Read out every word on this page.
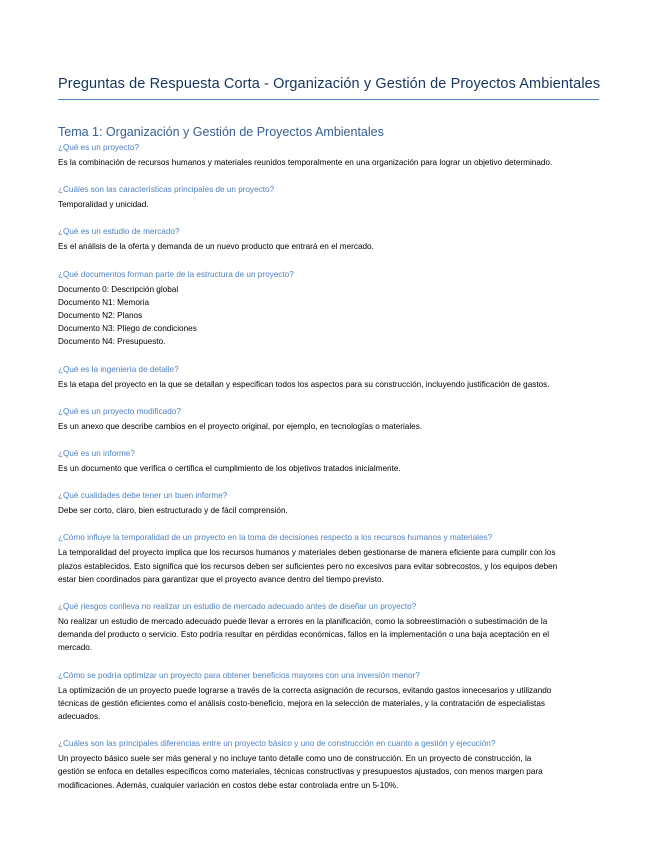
Preguntas de Respuesta Corta - Organización y Gestión de Proyectos Ambientales
Tema 1: Organización y Gestión de Proyectos Ambientales
¿Qué es un proyecto?

Es la combinación de recursos humanos y materiales reunidos temporalmente en una organización para lograr un objetivo determinado.

¿Cuáles son las características principales de un proyecto?

Temporalidad y unicidad.

¿Qué es un estudio de mercado?

Es el análisis de la oferta y demanda de un nuevo producto que entrará en el mercado.

¿Qué documentos forman parte de la estructura de un proyecto?

Documento 0: Descripción global

Documento N1: Memoria

Documento N2: Planos

Documento N3: Pliego de condiciones

Documento N4: Presupuesto.

¿Qué es la ingeniería de detalle?

Es la etapa del proyecto en la que se detallan y especifican todos los aspectos para su construcción, incluyendo justificación de gastos.

¿Qué es un proyecto modificado?

Es un anexo que describe cambios en el proyecto original, por ejemplo, en tecnologías o materiales.

¿Qué es un informe?

Es un documento que verifica o certifica el cumplimiento de los objetivos tratados inicialmente.

¿Qué cualidades debe tener un buen informe?

Debe ser corto, claro, bien estructurado y de fácil comprensión.

¿Cómo influye la temporalidad de un proyecto en la toma de decisiones respecto a los recursos humanos y materiales?

La temporalidad del proyecto implica que los recursos humanos y materiales deben gestionarse de manera eficiente para cumplir con los

plazos establecidos. Esto significa que los recursos deben ser suficientes pero no excesivos para evitar sobrecostos, y los equipos deben

estar bien coordinados para garantizar que el proyecto avance dentro del tiempo previsto.

¿Qué riesgos conlleva no realizar un estudio de mercado adecuado antes de diseñar un proyecto?

No realizar un estudio de mercado adecuado puede llevar a errores en la planificación, como la sobreestimación o subestimación de la

demanda del producto o servicio. Esto podría resultar en pérdidas económicas, fallos en la implementación o una baja aceptación en el

mercado.

¿Cómo se podría optimizar un proyecto para obtener beneficios mayores con una inversión menor?

La optimización de un proyecto puede lograrse a través de la correcta asignación de recursos, evitando gastos innecesarios y utilizando

técnicas de gestión eficientes como el análisis costo-beneficio, mejora en la selección de materiales, y la contratación de especialistas

adecuados.

¿Cuáles son las principales diferencias entre un proyecto básico y uno de construcción en cuanto a gestión y ejecución?

Un proyecto básico suele ser más general y no incluye tanto detalle como uno de construcción. En un proyecto de construcción, la

gestión se enfoca en detalles específicos como materiales, técnicas constructivas y presupuestos ajustados, con menos margen para

modificaciones. Además, cualquier variación en costos debe estar controlada entre un 5-10%.
